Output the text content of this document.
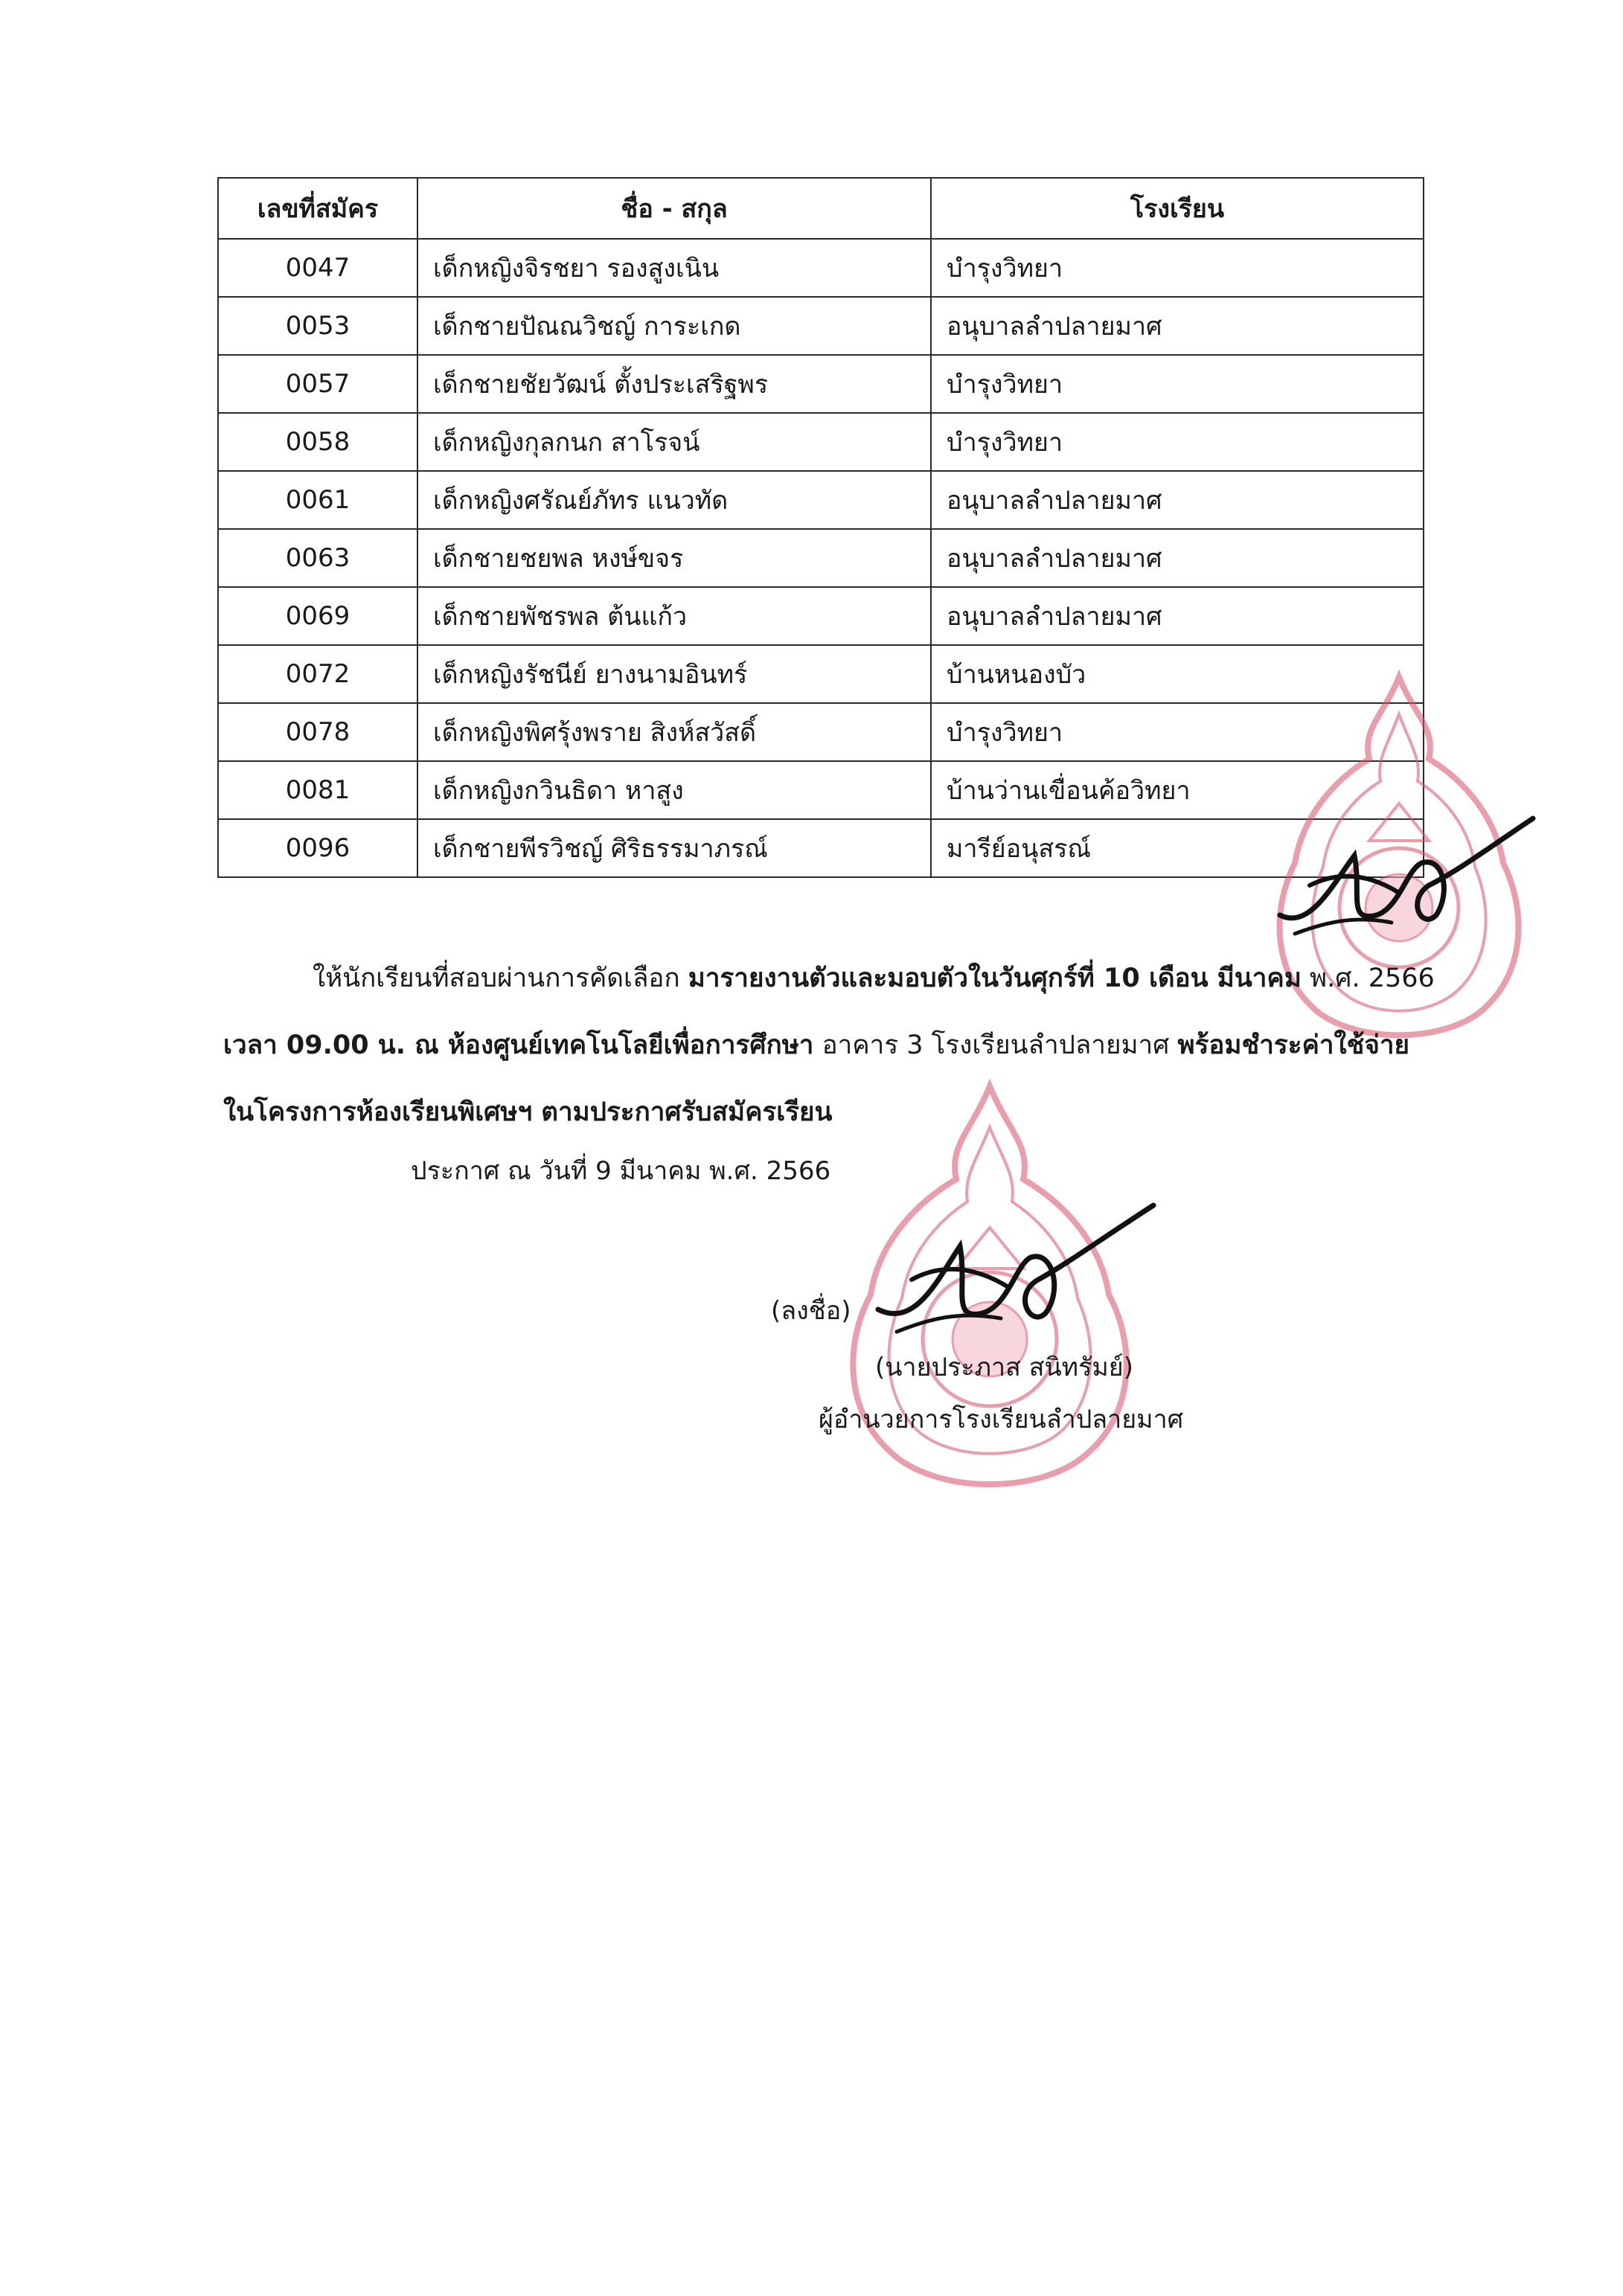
เลขที่สมัคร	ชื่อ - สกุล	โรงเรียน
0047	เด็กหญิงจิรชยา รองสูงเนิน	บำรุงวิทยา
0053	เด็กชายปัณณวิชญ์ การะเกด	อนุบาลลำปลายมาศ
0057	เด็กชายชัยวัฒน์ ตั้งประเสริฐพร	บำรุงวิทยา
0058	เด็กหญิงกุลกนก สาโรจน์	บำรุงวิทยา
0061	เด็กหญิงศรัณย์ภัทร แนวทัด	อนุบาลลำปลายมาศ
0063	เด็กชายชยพล หงษ์ขจร	อนุบาลลำปลายมาศ
0069	เด็กชายพัชรพล ต้นแก้ว	อนุบาลลำปลายมาศ
0072	เด็กหญิงรัชนีย์ ยางนามอินทร์	บ้านหนองบัว
0078	เด็กหญิงพิศรุ้งพราย สิงห์สวัสดิ์	บำรุงวิทยา
0081	เด็กหญิงกวินธิดา หาสูง	บ้านว่านเขื่อนค้อวิทยา
0096	เด็กชายพีรวิชญ์ ศิริธรรมาภรณ์	มารีย์อนุสรณ์
ให้นักเรียนที่สอบผ่านการคัดเลือก มารายงานตัวและมอบตัวในวันศุกร์ที่ 10 เดือน มีนาคม พ.ศ. 2566
เวลา 09.00 น. ณ ห้องศูนย์เทคโนโลยีเพื่อการศึกษา อาคาร 3 โรงเรียนลำปลายมาศ พร้อมชำระค่าใช้จ่าย
ในโครงการห้องเรียนพิเศษฯ ตามประกาศรับสมัครเรียน
ประกาศ ณ วันที่ 9 มีนาคม พ.ศ. 2566
(ลงชื่อ)
(นายประภาส สนิทรัมย์)
ผู้อำนวยการโรงเรียนลำปลายมาศ
